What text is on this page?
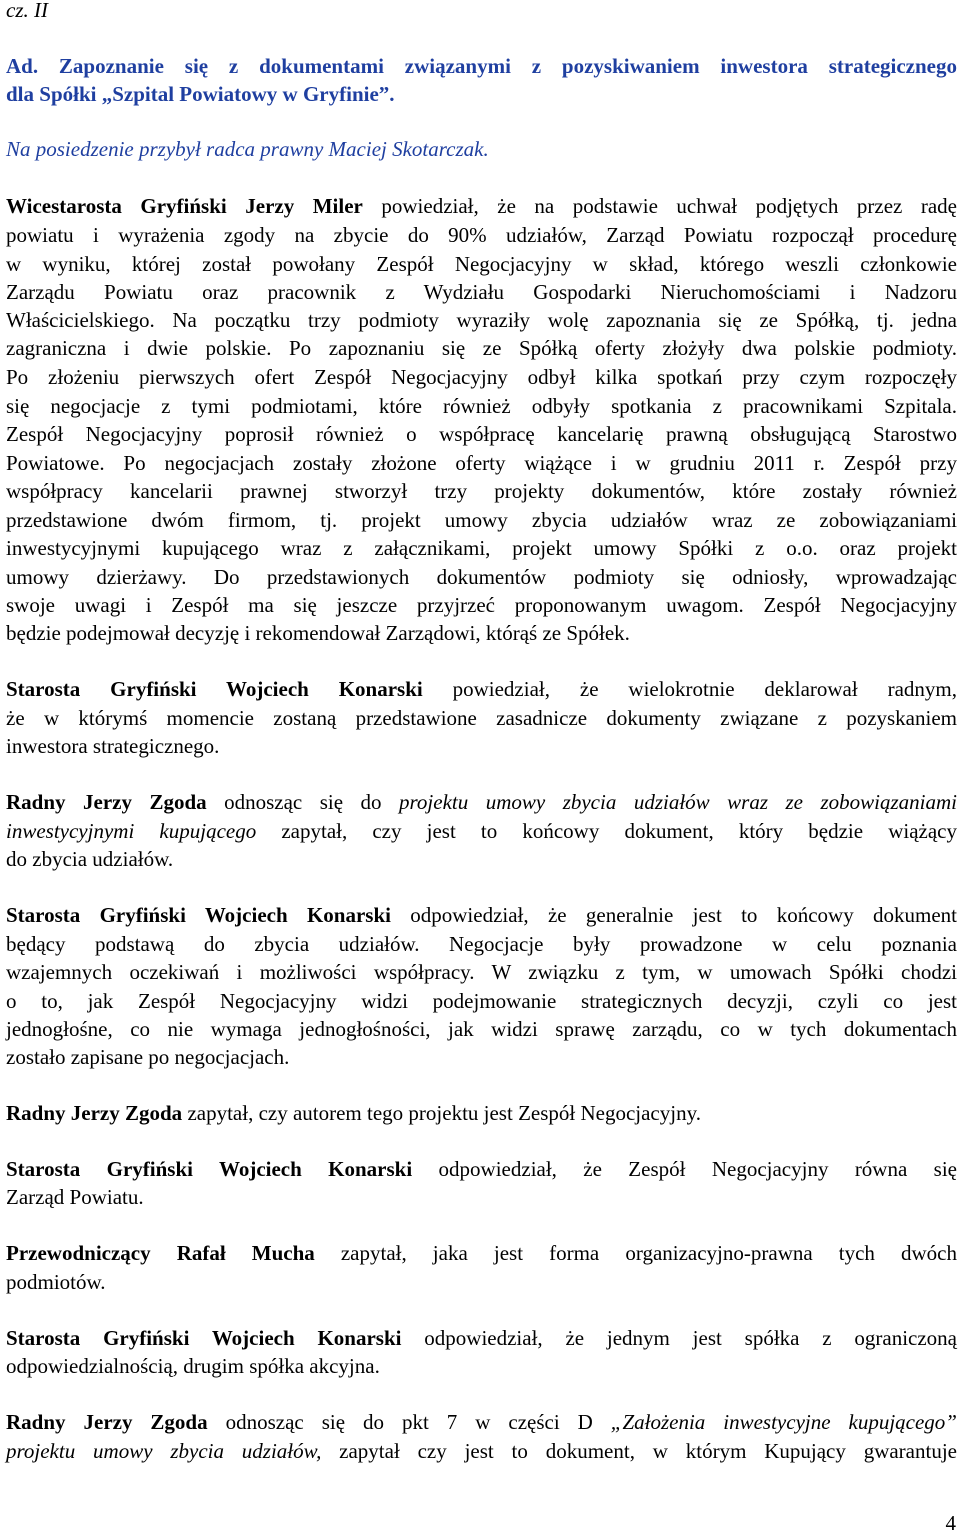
cz. II
Ad. Zapoznanie się z dokumentami związanymi z pozyskiwaniem inwestora strategicznego
dla Spółki „Szpital Powiatowy w Gryfinie”.
Na posiedzenie przybył radca prawny Maciej Skotarczak.
Wicestarosta Gryfiński Jerzy Miler powiedział, że na podstawie uchwał podjętych przez radę
powiatu i wyrażenia zgody na zbycie do 90% udziałów, Zarząd Powiatu rozpoczął procedurę
w wyniku, której został powołany Zespół Negocjacyjny w skład, którego weszli członkowie
Zarządu Powiatu oraz pracownik z Wydziału Gospodarki Nieruchomościami i Nadzoru
Właścicielskiego. Na początku trzy podmioty wyraziły wolę zapoznania się ze Spółką, tj. jedna
zagraniczna i dwie polskie. Po zapoznaniu się ze Spółką oferty złożyły dwa polskie podmioty.
Po złożeniu pierwszych ofert Zespół Negocjacyjny odbył kilka spotkań przy czym rozpoczęły
się negocjacje z tymi podmiotami, które również odbyły spotkania z pracownikami Szpitala.
Zespół Negocjacyjny poprosił również o współpracę kancelarię prawną obsługującą Starostwo
Powiatowe. Po negocjacjach zostały złożone oferty wiążące i w grudniu 2011 r. Zespół przy
współpracy kancelarii prawnej stworzył trzy projekty dokumentów, które zostały również
przedstawione dwóm firmom, tj. projekt umowy zbycia udziałów wraz ze zobowiązaniami
inwestycyjnymi kupującego wraz z załącznikami, projekt umowy Spółki z o.o. oraz projekt
umowy dzierżawy. Do przedstawionych dokumentów podmioty się odniosły, wprowadzając
swoje uwagi i Zespół ma się jeszcze przyjrzeć proponowanym uwagom. Zespół Negocjacyjny
będzie podejmował decyzję i rekomendował Zarządowi, którąś ze Spółek.
Starosta Gryfiński Wojciech Konarski powiedział, że wielokrotnie deklarował radnym,
że w którymś momencie zostaną przedstawione zasadnicze dokumenty związane z pozyskaniem
inwestora strategicznego.
Radny Jerzy Zgoda odnosząc się do projektu umowy zbycia udziałów wraz ze zobowiązaniami
inwestycyjnymi kupującego zapytał, czy jest to końcowy dokument, który będzie wiążący
do zbycia udziałów.
Starosta Gryfiński Wojciech Konarski odpowiedział, że generalnie jest to końcowy dokument
będący podstawą do zbycia udziałów. Negocjacje były prowadzone w celu poznania
wzajemnych oczekiwań i możliwości współpracy. W związku z tym, w umowach Spółki chodzi
o to, jak Zespół Negocjacyjny widzi podejmowanie strategicznych decyzji, czyli co jest
jednogłośne, co nie wymaga jednogłośności, jak widzi sprawę zarządu, co w tych dokumentach
zostało zapisane po negocjacjach.
Radny Jerzy Zgoda zapytał, czy autorem tego projektu jest Zespół Negocjacyjny.
Starosta Gryfiński Wojciech Konarski odpowiedział, że Zespół Negocjacyjny równa się
Zarząd Powiatu.
Przewodniczący Rafał Mucha zapytał, jaka jest forma organizacyjno-prawna tych dwóch
podmiotów.
Starosta Gryfiński Wojciech Konarski odpowiedział, że jednym jest spółka z ograniczoną
odpowiedzialnością, drugim spółka akcyjna.
Radny Jerzy Zgoda odnosząc się do pkt 7 w części D „Założenia inwestycyjne kupującego”
projektu umowy zbycia udziałów, zapytał czy jest to dokument, w którym Kupujący gwarantuje
4
